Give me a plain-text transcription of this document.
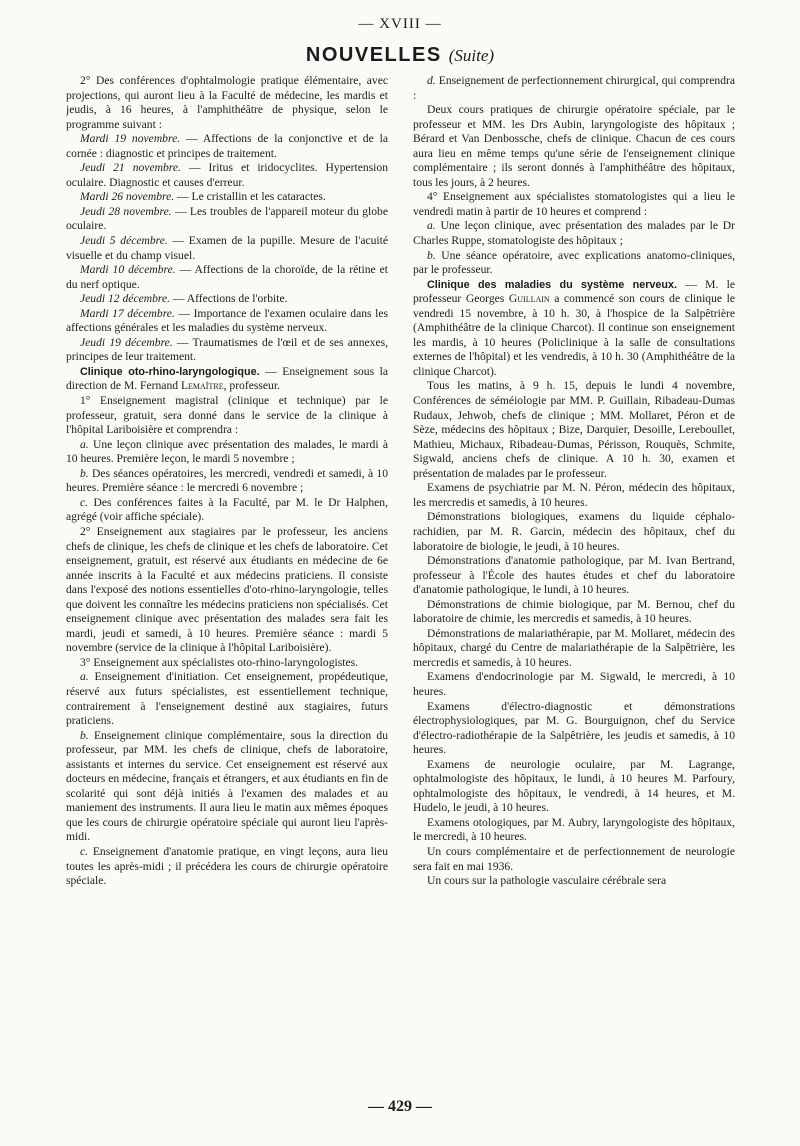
— XVIII —
NOUVELLES (Suite)

2° Des conférences d'ophtalmologie pratique élémentaire, avec projections, qui auront lieu à la Faculté de médecine, les mardis et jeudis, à 16 heures, à l'amphithéâtre de physique, selon le programme suivant :

Mardi 19 novembre. — Affections de la conjonctive et de la cornée : diagnostic et principes de traitement.

Jeudi 21 novembre. — Iritus et iridocyclites. Hypertension oculaire. Diagnostic et causes d'erreur.

Mardi 26 novembre. — Le cristallin et les cataractes.

Jeudi 28 novembre. — Les troubles de l'appareil moteur du globe oculaire.

Jeudi 5 décembre. — Examen de la pupille. Mesure de l'acuité visuelle et du champ visuel.

Mardi 10 décembre. — Affections de la choroïde, de la rétine et du nerf optique.

Jeudi 12 décembre. — Affections de l'orbite.

Mardi 17 décembre. — Importance de l'examen oculaire dans les affections générales et les maladies du système nerveux.

Jeudi 19 décembre. — Traumatismes de l'œil et de ses annexes, principes de leur traitement.

Clinique oto-rhino-laryngologique. — Enseignement sous la direction de M. Fernand Lemaître, professeur.

1° Enseignement magistral (clinique et technique) par le professeur, gratuit, sera donné dans le service de la clinique à l'hôpital Lariboisière et comprendra :

a. Une leçon clinique avec présentation des malades, le mardi à 10 heures. Première leçon, le mardi 5 novembre ;

b. Des séances opératoires, les mercredi, vendredi et samedi, à 10 heures. Première séance : le mercredi 6 novembre ;

c. Des conférences faites à la Faculté, par M. le Dr Halphen, agrégé (voir affiche spéciale).

2° Enseignement aux stagiaires par le professeur, les anciens chefs de clinique, les chefs de clinique et les chefs de laboratoire. Cet enseignement, gratuit, est réservé aux étudiants en médecine de 6e année inscrits à la Faculté et aux médecins praticiens. Il consiste dans l'exposé des notions essentielles d'oto-rhino-laryngologie, telles que doivent les connaître les médecins praticiens non spécialisés. Cet enseignement clinique avec présentation des malades sera fait les mardi, jeudi et samedi, à 10 heures. Première séance : mardi 5 novembre (service de la clinique à l'hôpital Lariboisière).

3° Enseignement aux spécialistes oto-rhino-laryngologistes.

a. Enseignement d'initiation. Cet enseignement, propédeutique, réservé aux futurs spécialistes, est essentiellement technique, contrairement à l'enseignement destiné aux stagiaires, futurs praticiens.

b. Enseignement clinique complémentaire, sous la direction du professeur, par MM. les chefs de clinique, chefs de laboratoire, assistants et internes du service. Cet enseignement est réservé aux docteurs en médecine, français et étrangers, et aux étudiants en fin de scolarité qui sont déjà initiés à l'examen des malades et au maniement des instruments. Il aura lieu le matin aux mêmes époques que les cours de chirurgie opératoire spéciale qui auront lieu l'après-midi.

c. Enseignement d'anatomie pratique, en vingt leçons, aura lieu toutes les après-midi ; il précédera les cours de chirurgie opératoire spéciale.

d. Enseignement de perfectionnement chirurgical, qui comprendra :

Deux cours pratiques de chirurgie opératoire spéciale, par le professeur et MM. les Drs Aubin, laryngologiste des hôpitaux ; Bérard et Van Denbossche, chefs de clinique. Chacun de ces cours aura lieu en même temps qu'une série de l'enseignement clinique complémentaire ; ils seront donnés à l'amphithéâtre des hôpitaux, tous les jours, à 2 heures.

4° Enseignement aux spécialistes stomatologistes qui a lieu le vendredi matin à partir de 10 heures et comprend :

a. Une leçon clinique, avec présentation des malades par le Dr Charles Ruppe, stomatologiste des hôpitaux ;

b. Une séance opératoire, avec explications anatomo-cliniques, par le professeur.

Clinique des maladies du système nerveux. — M. le professeur Georges Guillain a commencé son cours de clinique le vendredi 15 novembre, à 10 h. 30, à l'hospice de la Salpêtrière (Amphithéâtre de la clinique Charcot). Il continue son enseignement les mardis, à 10 heures (Policlinique à la salle de consultations externes de l'hôpital) et les vendredis, à 10 h. 30 (Amphithéâtre de la clinique Charcot).

Tous les matins, à 9 h. 15, depuis le lundi 4 novembre, Conférences de séméiologie par MM. P. Guillain, Ribadeau-Dumas Rudaux, Jehwob, chefs de clinique ; MM. Mollaret, Péron et de Sèze, médecins des hôpitaux ; Bize, Darquier, Desoille, Lereboullet, Mathieu, Michaux, Ribadeau-Dumas, Périsson, Rouquès, Schmite, Sigwald, anciens chefs de clinique. A 10 h. 30, examen et présentation de malades par le professeur.

Examens de psychiatrie par M. N. Péron, médecin des hôpitaux, les mercredis et samedis, à 10 heures.

Démonstrations biologiques, examens du liquide céphalo-rachidien, par M. R. Garcin, médecin des hôpitaux, chef du laboratoire de biologie, le jeudi, à 10 heures.

Démonstrations d'anatomie pathologique, par M. Ivan Bertrand, professeur à l'École des hautes études et chef du laboratoire d'anatomie pathologique, le lundi, à 10 heures.

Démonstrations de chimie biologique, par M. Bernou, chef du laboratoire de chimie, les mercredis et samedis, à 10 heures.

Démonstrations de malariathérapie, par M. Mollaret, médecin des hôpitaux, chargé du Centre de malariathérapie de la Salpêtrière, les mercredis et samedis, à 10 heures.

Examens d'endocrinologie par M. Sigwald, le mercredi, à 10 heures.

Examens d'électro-diagnostic et démonstrations électrophysiologiques, par M. G. Bourguignon, chef du Service d'électro-radiothérapie de la Salpêtrière, les jeudis et samedis, à 10 heures.

Examens de neurologie oculaire, par M. Lagrange, ophtalmologiste des hôpitaux, le lundi, à 10 heures M. Parfoury, ophtalmologiste des hôpitaux, le vendredi, à 14 heures, et M. Hudelo, le jeudi, à 10 heures.

Examens otologiques, par M. Aubry, laryngologiste des hôpitaux, le mercredi, à 10 heures.

Un cours complémentaire et de perfectionnement de neurologie sera fait en mai 1936.

Un cours sur la pathologie vasculaire cérébrale sera

— 429 —
